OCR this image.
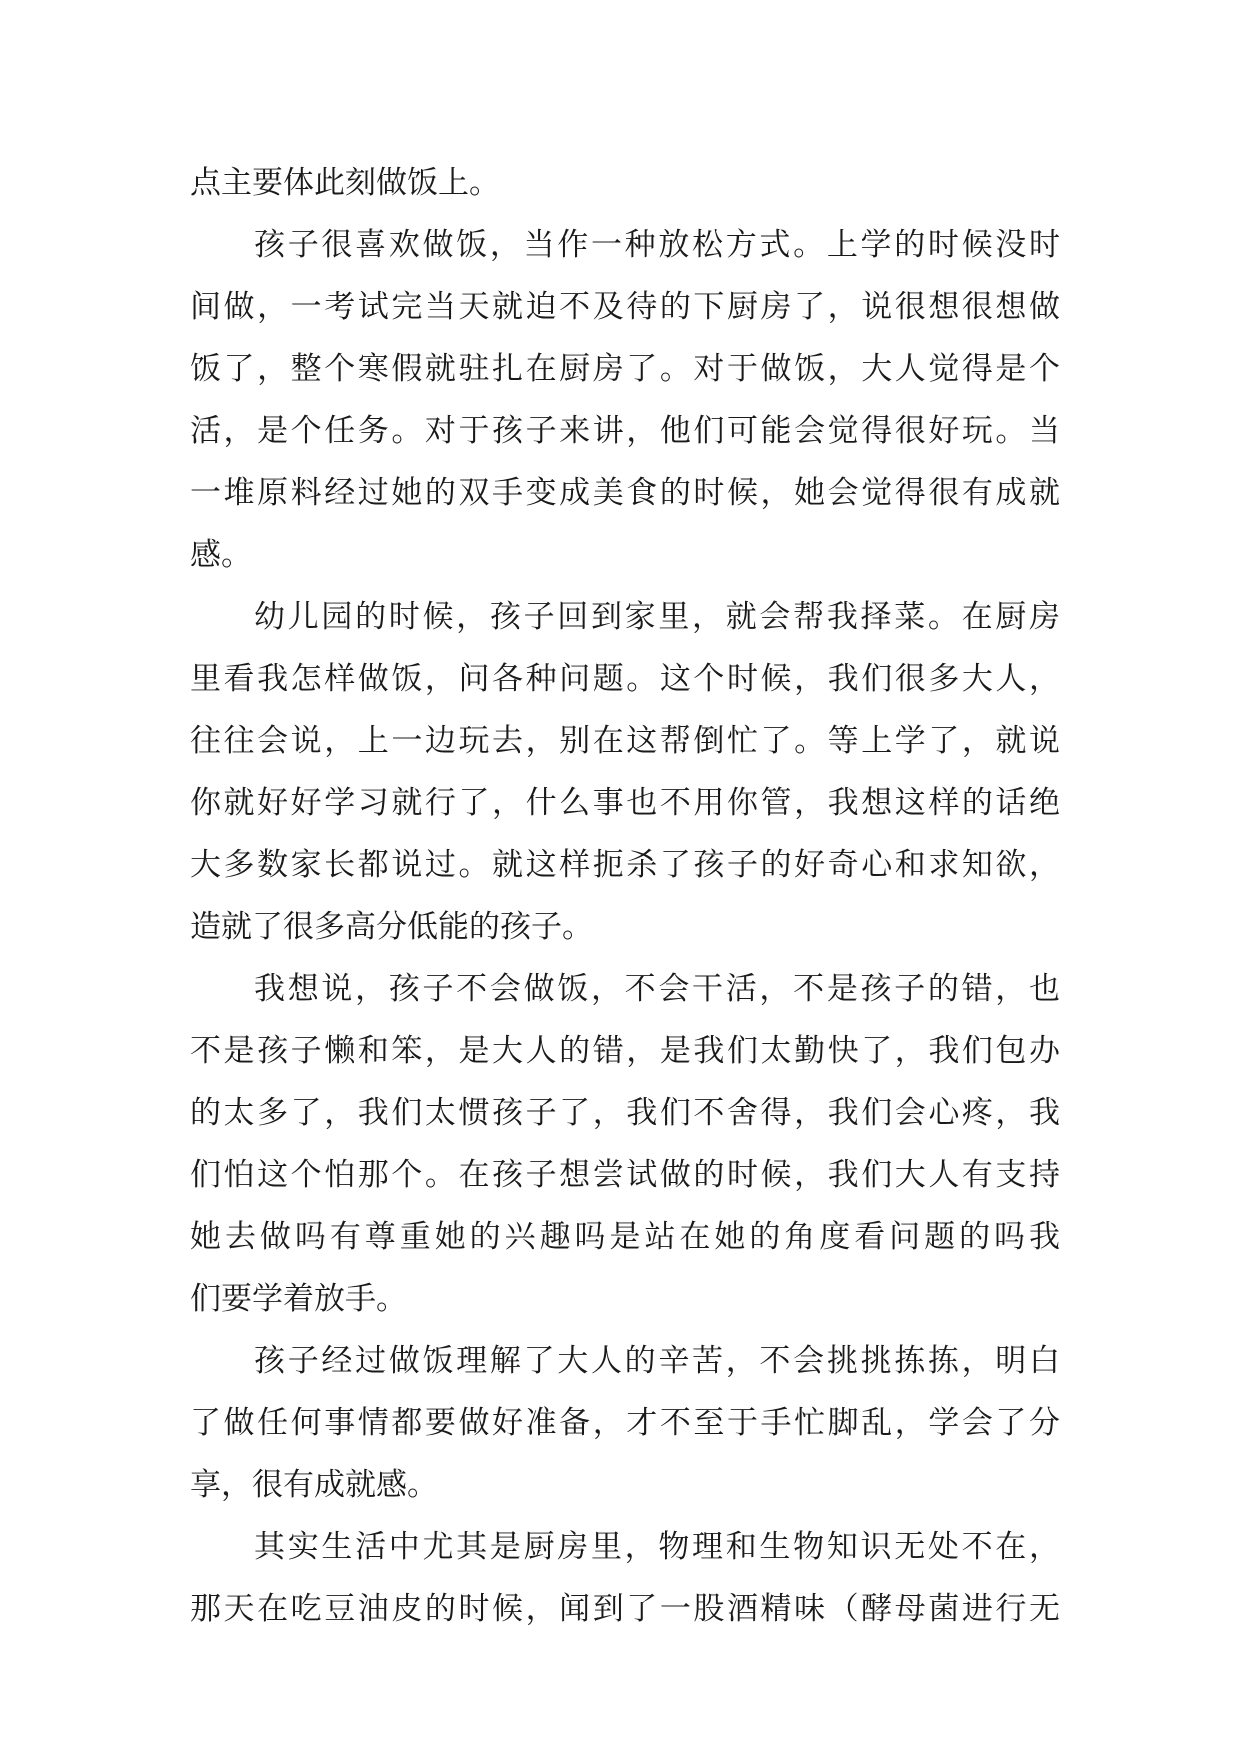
点主要体此刻做饭上。
孩子很喜欢做饭，当作一种放松方式。上学的时候没时
间做，一考试完当天就迫不及待的下厨房了，说很想很想做
饭了，整个寒假就驻扎在厨房了。对于做饭，大人觉得是个
活，是个任务。对于孩子来讲，他们可能会觉得很好玩。当
一堆原料经过她的双手变成美食的时候，她会觉得很有成就
感。
幼儿园的时候，孩子回到家里，就会帮我择菜。在厨房
里看我怎样做饭，问各种问题。这个时候，我们很多大人，
往往会说，上一边玩去，别在这帮倒忙了。等上学了，就说
你就好好学习就行了，什么事也不用你管，我想这样的话绝
大多数家长都说过。就这样扼杀了孩子的好奇心和求知欲，
造就了很多高分低能的孩子。
我想说，孩子不会做饭，不会干活，不是孩子的错，也
不是孩子懒和笨，是大人的错，是我们太勤快了，我们包办
的太多了，我们太惯孩子了，我们不舍得，我们会心疼，我
们怕这个怕那个。在孩子想尝试做的时候，我们大人有支持
她去做吗有尊重她的兴趣吗是站在她的角度看问题的吗我
们要学着放手。
孩子经过做饭理解了大人的辛苦，不会挑挑拣拣，明白
了做任何事情都要做好准备，才不至于手忙脚乱，学会了分
享，很有成就感。
其实生活中尤其是厨房里，物理和生物知识无处不在，
那天在吃豆油皮的时候，闻到了一股酒精味（酵母菌进行无
